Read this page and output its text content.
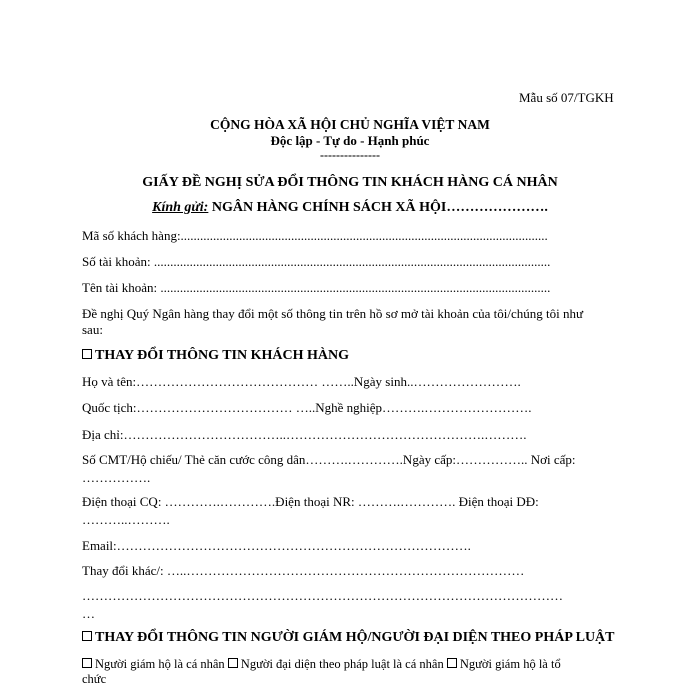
Mẫu số 07/TGKH
CỘNG HÒA XÃ HỘI CHỦ NGHĨA VIỆT NAM
Độc lập - Tự do - Hạnh phúc
---------------
GIẤY ĐỀ NGHỊ SỬA ĐỔI THÔNG TIN KHÁCH HÀNG CÁ NHÂN
Kính gửi: NGÂN HÀNG CHÍNH SÁCH XÃ HỘI………………….
Mã số khách hàng:.................................................................................................................
Số tài khoản: ..........................................................................................................................
Tên tài khoản: ........................................................................................................................
Đề nghị Quý Ngân hàng thay đổi một số thông tin trên hồ sơ mở tài khoản của tôi/chúng tôi như
sau:
THAY ĐỔI THÔNG TIN KHÁCH HÀNG
Họ và tên:…………………………………… ……..Ngày sinh..…………………….
Quốc tịch:……………………………… …..Nghề nghiệp……….…………………….
Địa chỉ:………………………………..……………………………………….……….
Số CMT/Hộ chiếu/ Thẻ căn cước công dân……….………….Ngày cấp:…………….. Nơi cấp:
…………….
Điện thoại CQ: ………….………….Điện thoại NR: ……….…………. Điện thoại DĐ:
………..……….
Email:……………………………………………………………………….
Thay đổi khác/: …..……………………………………………………………………
…………………………………………………………………………………………………
…
THAY ĐỔI THÔNG TIN NGƯỜI GIÁM HỘ/NGƯỜI ĐẠI DIỆN THEO PHÁP LUẬT
Người giám hộ là cá nhân Người đại diện theo pháp luật là cá nhân Người giám hộ là tổ
chức
